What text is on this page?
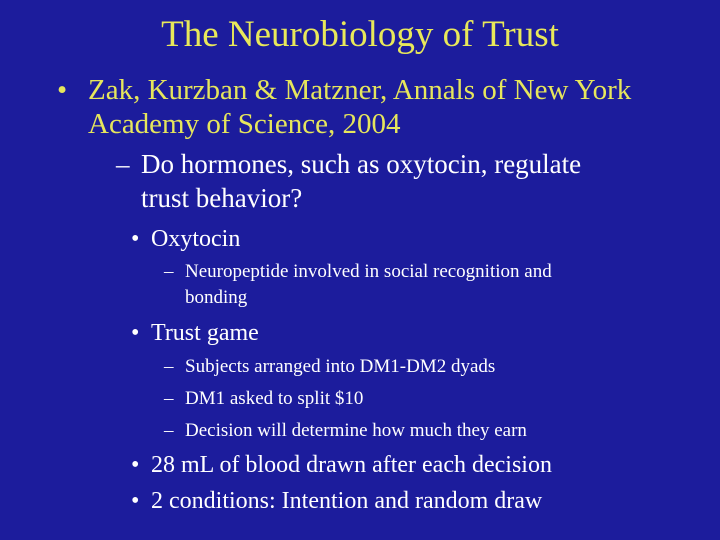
The Neurobiology of Trust
• Zak, Kurzban & Matzner, Annals of New York
Academy of Science, 2004
– Do hormones, such as oxytocin, regulate
trust behavior?
• Oxytocin
– Neuropeptide involved in social recognition and
bonding
• Trust game
– Subjects arranged into DM1-DM2 dyads
– DM1 asked to split $10
– Decision will determine how much they earn
• 28 mL of blood drawn after each decision
• 2 conditions: Intention and random draw
